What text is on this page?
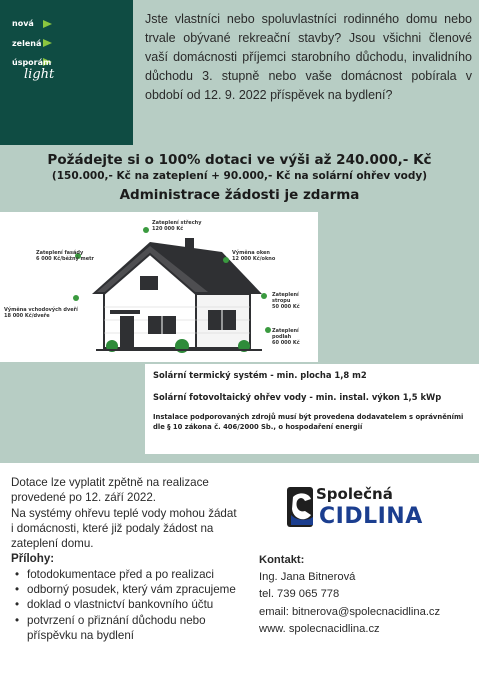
nová
zelená
úsporám
light
Jste vlastníci nebo spoluvlastníci rodinného domu nebo trvale obývané rekreační stavby? Jsou všichni členové vaší domácnosti příjemci starobního důchodu, invalidního důchodu 3. stupně nebo vaše domácnost pobírala v období od 12. 9. 2022 příspěvek na bydlení?
Požádejte si o 100% dotaci ve výši až 240.000,- Kč
(150.000,- Kč na zateplení + 90.000,- Kč na solární ohřev vody)
Administrace žádosti je zdarma
Zateplení střechy
120 000 Kč
Zateplení fasády
6 000 Kč/běžný metr
Výměna oken
12 000 Kč/okno
Zateplení stropu
50 000 Kč
Výměna vchodových dveří
18 000 Kč/dveře
Zateplení podlah
60 000 Kč
Solární termický systém - min. plocha 1,8 m2
Solární fotovoltaický ohřev vody - min. instal. výkon 1,5 kWp
Instalace podporovaných zdrojů musí být provedena dodavatelem s oprávněními dle § 10 zákona č. 406/2000 Sb., o hospodaření energií
Dotace lze vyplatit zpětně na realizace provedené po 12. září 2022.
Na systémy ohřevu teplé vody mohou žádat i domácnosti, které již podaly žádost na zateplení domu.
Přílohy:
• fotodokumentace před a po realizaci
• odborný posudek, který vám zpracujeme
• doklad o vlastnictví bankovního účtu
• potvrzení o přiznání důchodu nebo příspěvku na bydlení
Společná
CIDLINA
Kontakt:
Ing. Jana Bitnerová
tel. 739 065 778
email: bitnerova@spolecnacidlina.cz
www. spolecnacidlina.cz
